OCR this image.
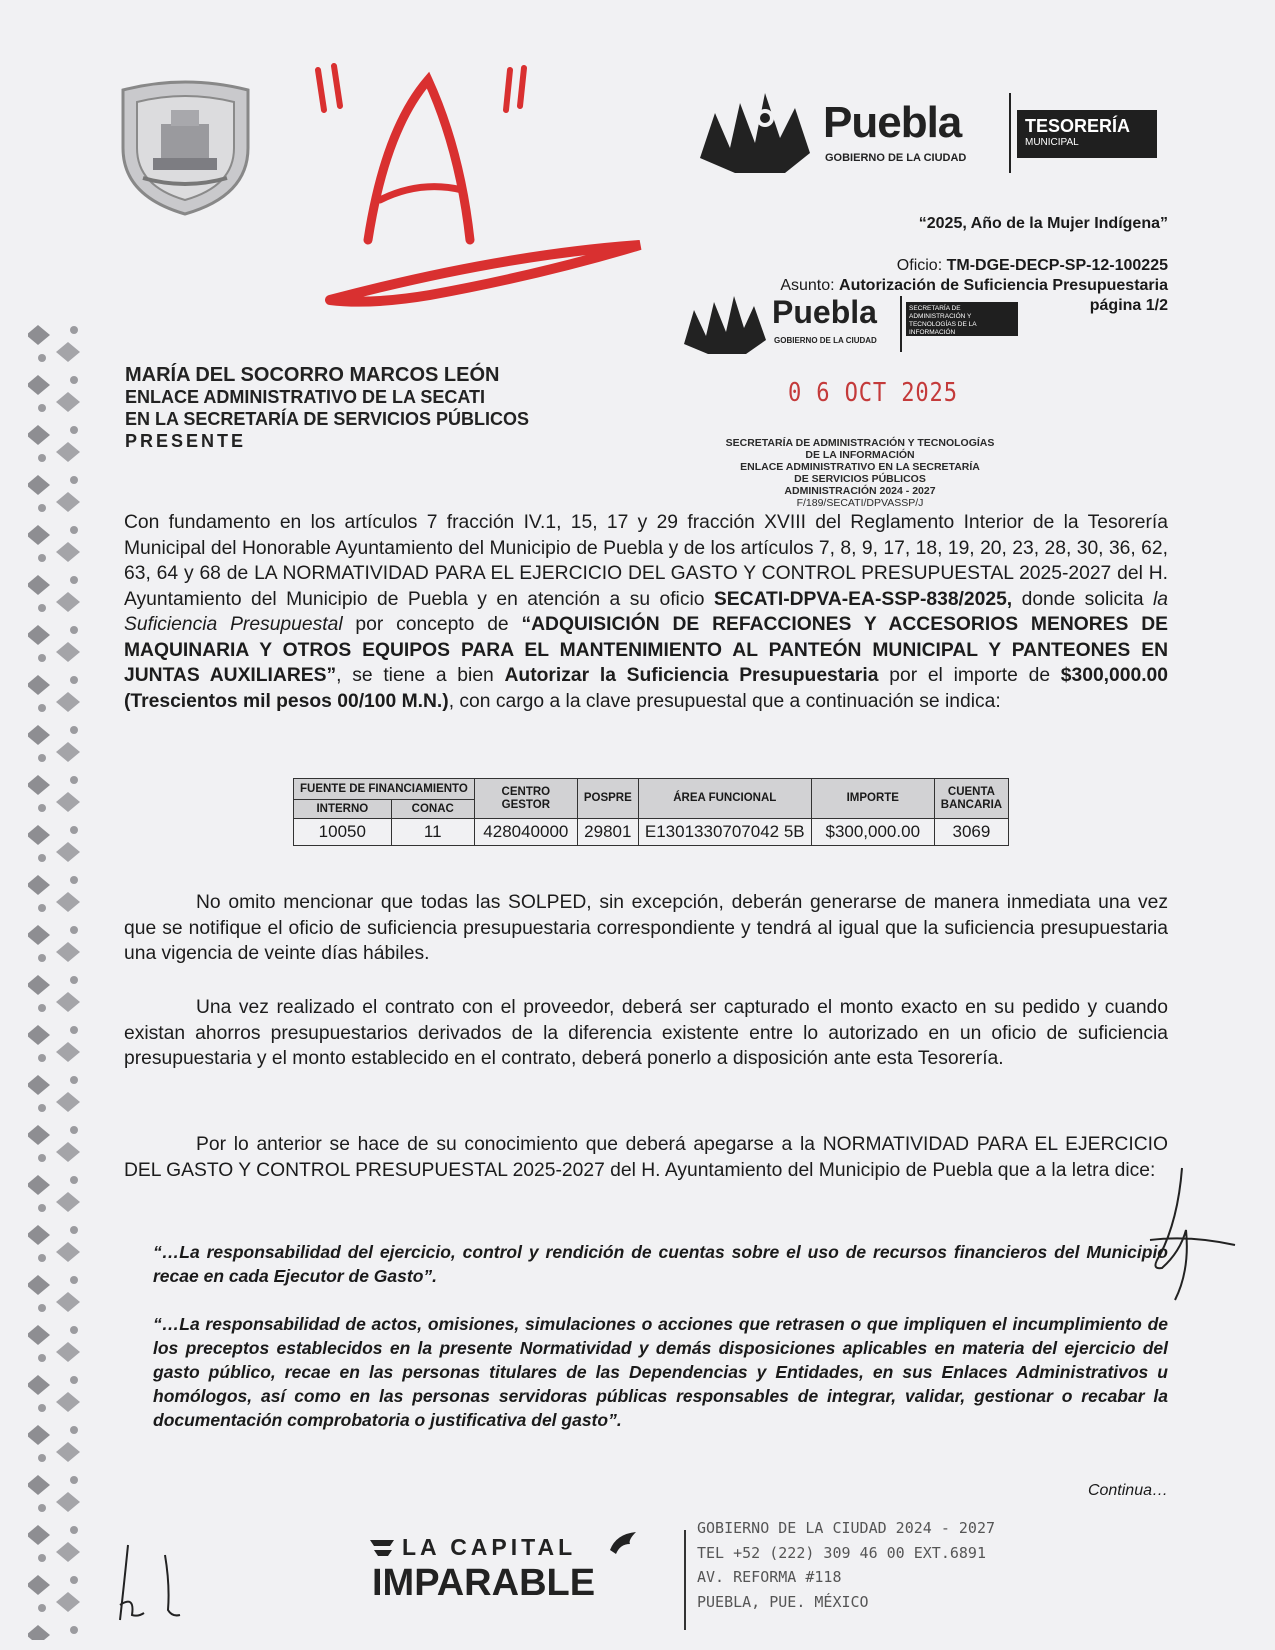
Puebla
GOBIERNO DE LA CIUDAD
TESORERÍA
MUNICIPAL
“2025, Año de la Mujer Indígena”
Oficio: TM-DGE-DECP-SP-12-100225
Asunto: Autorización de Suficiencia Presupuestaria
página 1/2
Puebla
GOBIERNO DE LA CIUDAD
SECRETARÍA DE ADMINISTRACIÓN Y TECNOLOGÍAS DE LA INFORMACIÓN
0 6 OCT 2025
SECRETARÍA DE ADMINISTRACIÓN Y TECNOLOGÍAS
DE LA INFORMACIÓN
ENLACE ADMINISTRATIVO EN LA SECRETARÍA
DE SERVICIOS PÚBLICOS
ADMINISTRACIÓN 2024 - 2027
F/189/SECATI/DPVASSP/J
MARÍA DEL SOCORRO MARCOS LEÓN
ENLACE ADMINISTRATIVO DE LA SECATI
EN LA SECRETARÍA DE SERVICIOS PÚBLICOS
PRESENTE
Con fundamento en los artículos 7 fracción IV.1, 15, 17 y 29 fracción XVIII del Reglamento Interior de la Tesorería Municipal del Honorable Ayuntamiento del Municipio de Puebla y de los artículos 7, 8, 9, 17, 18, 19, 20, 23, 28, 30, 36, 62, 63, 64 y 68 de LA NORMATIVIDAD PARA EL EJERCICIO DEL GASTO Y CONTROL PRESUPUESTAL 2025-2027 del H. Ayuntamiento del Municipio de Puebla y en atención a su oficio SECATI-DPVA-EA-SSP-838/2025, donde solicita la Suficiencia Presupuestal por concepto de “ADQUISICIÓN DE REFACCIONES Y ACCESORIOS MENORES DE MAQUINARIA Y OTROS EQUIPOS PARA EL MANTENIMIENTO AL PANTEÓN MUNICIPAL Y PANTEONES EN JUNTAS AUXILIARES”, se tiene a bien Autorizar la Suficiencia Presupuestaria por el importe de $300,000.00 (Trescientos mil pesos 00/100 M.N.), con cargo a la clave presupuestal que a continuación se indica:
FUENTE DE FINANCIAMIENTO		CENTRO GESTOR	POSPRE	ÁREA FUNCIONAL	IMPORTE	CUENTA BANCARIA
INTERNO	CONAC					
10050	11	428040000	29801	E1301330707042 5B	$300,000.00	3069
No omito mencionar que todas las SOLPED, sin excepción, deberán generarse de manera inmediata una vez que se notifique el oficio de suficiencia presupuestaria correspondiente y tendrá al igual que la suficiencia presupuestaria una vigencia de veinte días hábiles.
Una vez realizado el contrato con el proveedor, deberá ser capturado el monto exacto en su pedido y cuando existan ahorros presupuestarios derivados de la diferencia existente entre lo autorizado en un oficio de suficiencia presupuestaria y el monto establecido en el contrato, deberá ponerlo a disposición ante esta Tesorería.
Por lo anterior se hace de su conocimiento que deberá apegarse a la NORMATIVIDAD PARA EL EJERCICIO DEL GASTO Y CONTROL PRESUPUESTAL 2025-2027 del H. Ayuntamiento del Municipio de Puebla que a la letra dice:
“…La responsabilidad del ejercicio, control y rendición de cuentas sobre el uso de recursos financieros del Municipio recae en cada Ejecutor de Gasto”.
“…La responsabilidad de actos, omisiones, simulaciones o acciones que retrasen o que impliquen el incumplimiento de los preceptos establecidos en la presente Normatividad y demás disposiciones aplicables en materia del ejercicio del gasto público, recae en las personas titulares de las Dependencias y Entidades, en sus Enlaces Administrativos u homólogos, así como en las personas servidoras públicas responsables de integrar, validar, gestionar o recabar la documentación comprobatoria o justificativa del gasto”.
Continua…
LA CAPITAL
IMPARABLE
GOBIERNO DE LA CIUDAD 2024 - 2027
TEL +52 (222) 309 46 00 EXT.6891
AV. REFORMA #118
PUEBLA, PUE. MÉXICO
